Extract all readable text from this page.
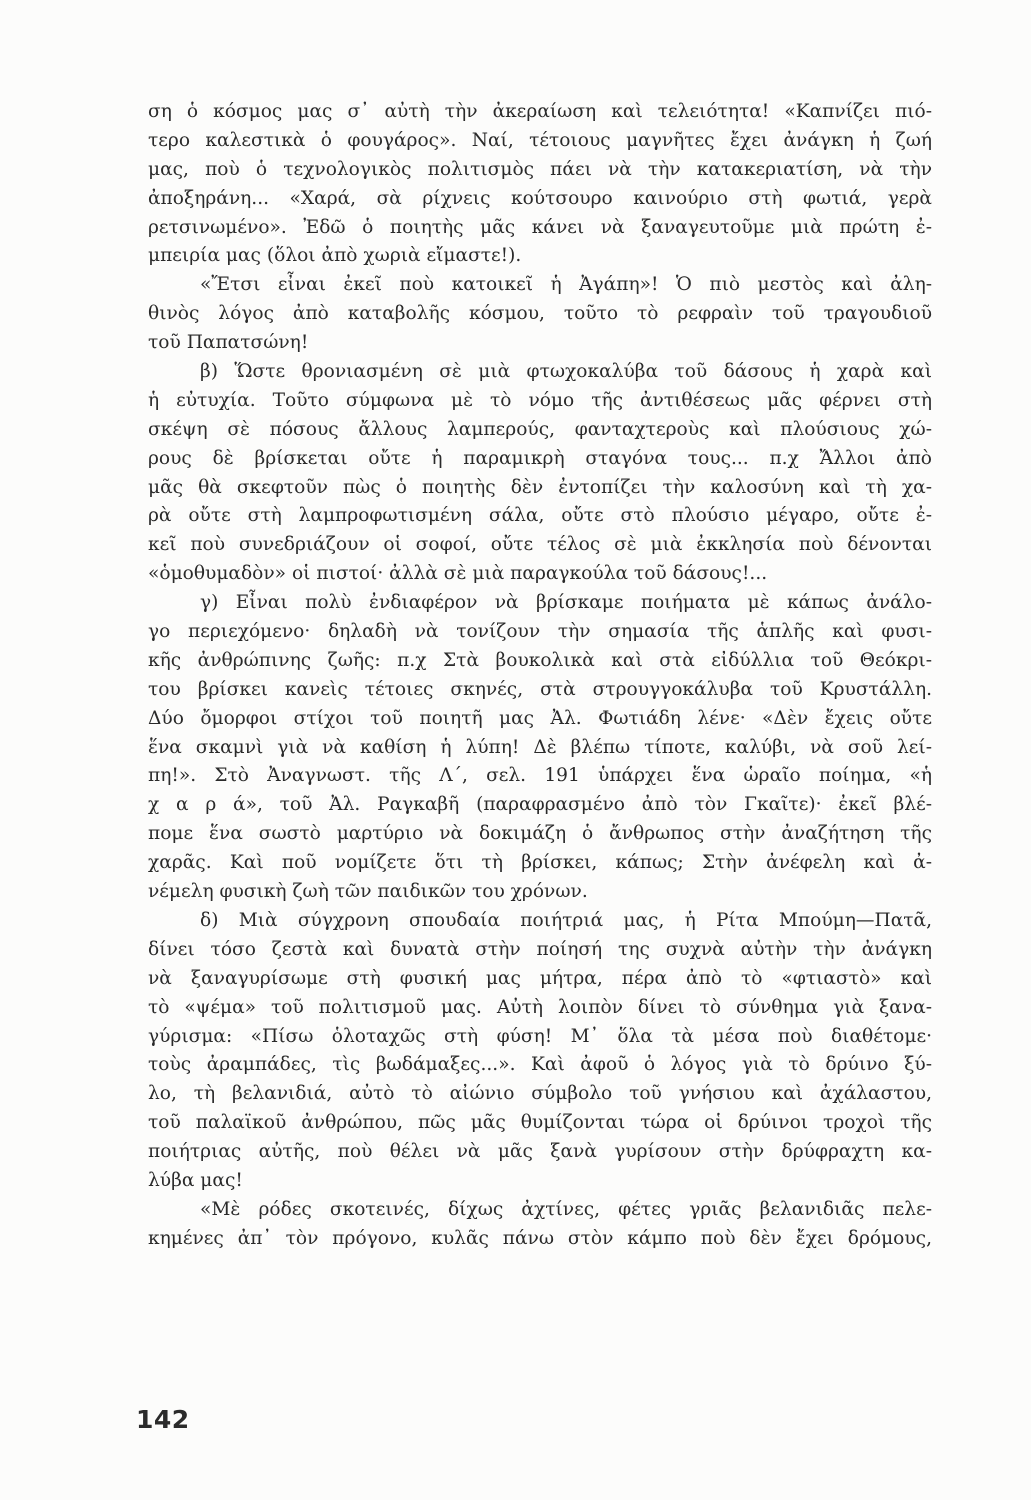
ση ὁ κόσμος μας σ᾽ αὐτὴ τὴν ἀκεραίωση καὶ τελειότητα! «Καπνίζει πιό-
τερο καλεστικὰ ὁ φουγάρος». Ναί, τέτοιους μαγνῆτες ἔχει ἀνάγκη ἡ ζωή
μας, ποὺ ὁ τεχνολογικὸς πολιτισμὸς πάει νὰ τὴν κατακεριατίση, νὰ τὴν
ἀποξηράνη... «Χαρά, σὰ ρίχνεις κούτσουρο καινούριο στὴ φωτιά, γερὰ
ρετσινωμένο». Ἐδῶ ὁ ποιητὴς μᾶς κάνει νὰ ξαναγευτοῦμε μιὰ πρώτη ἐ-
μπειρία μας (ὅλοι ἀπὸ χωριὰ εἴμαστε!).
«Ἔτσι εἶναι ἐκεῖ ποὺ κατοικεῖ ἡ Ἀγάπη»! Ὁ πιὸ μεστὸς καὶ ἀλη-
θινὸς λόγος ἀπὸ καταβολῆς κόσμου, τοῦτο τὸ ρεφραὶν τοῦ τραγουδιοῦ
τοῦ Παπατσώνη!
β) Ὥστε θρονιασμένη σὲ μιὰ φτωχοκαλύβα τοῦ δάσους ἡ χαρὰ καὶ
ἡ εὐτυχία. Τοῦτο σύμφωνα μὲ τὸ νόμο τῆς ἀντιθέσεως μᾶς φέρνει στὴ
σκέψη σὲ πόσους ἄλλους λαμπερούς, φανταχτεροὺς καὶ πλούσιους χώ-
ρους δὲ βρίσκεται οὔτε ἡ παραμικρὴ σταγόνα τους... π.χ Ἄλλοι ἀπὸ
μᾶς θὰ σκεφτοῦν πὼς ὁ ποιητὴς δὲν ἐντοπίζει τὴν καλοσύνη καὶ τὴ χα-
ρὰ οὔτε στὴ λαμπροφωτισμένη σάλα, οὔτε στὸ πλούσιο μέγαρο, οὔτε ἐ-
κεῖ ποὺ συνεδριάζουν οἱ σοφοί, οὔτε τέλος σὲ μιὰ ἐκκλησία ποὺ δένονται
«ὁμοθυμαδὸν» οἱ πιστοί· ἀλλὰ σὲ μιὰ παραγκούλα τοῦ δάσους!...
γ) Εἶναι πολὺ ἐνδιαφέρον νὰ βρίσκαμε ποιήματα μὲ κάπως ἀνάλο-
γο περιεχόμενο· δηλαδὴ νὰ τονίζουν τὴν σημασία τῆς ἁπλῆς καὶ φυσι-
κῆς ἀνθρώπινης ζωῆς: π.χ Στὰ βουκολικὰ καὶ στὰ εἰδύλλια τοῦ Θεόκρι-
του βρίσκει κανεὶς τέτοιες σκηνές, στὰ στρουγγοκάλυβα τοῦ Κρυστάλλη.
Δύο ὄμορφοι στίχοι τοῦ ποιητῆ μας Ἀλ. Φωτιάδη λένε· «Δὲν ἔχεις οὔτε
ἕνα σκαμνὶ γιὰ νὰ καθίση ἡ λύπη! Δὲ βλέπω τίποτε, καλύβι, νὰ σοῦ λεί-
πη!». Στὸ Ἀναγνωστ. τῆς Λ΄, σελ. 191 ὑπάρχει ἕνα ὡραῖο ποίημα, «ἡ
χ α ρ ά», τοῦ Ἀλ. Ραγκαβῆ (παραφρασμένο ἀπὸ τὸν Γκαῖτε)· ἐκεῖ βλέ-
πομε ἕνα σωστὸ μαρτύριο νὰ δοκιμάζη ὁ ἄνθρωπος στὴν ἀναζήτηση τῆς
χαρᾶς. Καὶ ποῦ νομίζετε ὅτι τὴ βρίσκει, κάπως; Στὴν ἀνέφελη καὶ ἀ-
νέμελη φυσικὴ ζωὴ τῶν παιδικῶν του χρόνων.
δ) Μιὰ σύγχρονη σπουδαία ποιήτριά μας, ἡ Ρίτα Μπούμη—Πατᾶ,
δίνει τόσο ζεστὰ καὶ δυνατὰ στὴν ποίησή της συχνὰ αὐτὴν τὴν ἀνάγκη
νὰ ξαναγυρίσωμε στὴ φυσική μας μήτρα, πέρα ἀπὸ τὸ «φτιαστὸ» καὶ
τὸ «ψέμα» τοῦ πολιτισμοῦ μας. Αὐτὴ λοιπὸν δίνει τὸ σύνθημα γιὰ ξανα-
γύρισμα: «Πίσω ὁλοταχῶς στὴ φύση! Μ᾽ ὅλα τὰ μέσα ποὺ διαθέτομε·
τοὺς ἀραμπάδες, τὶς βωδάμαξες...». Καὶ ἀφοῦ ὁ λόγος γιὰ τὸ δρύινο ξύ-
λο, τὴ βελανιδιά, αὐτὸ τὸ αἰώνιο σύμβολο τοῦ γνήσιου καὶ ἀχάλαστου,
τοῦ παλαϊκοῦ ἀνθρώπου, πῶς μᾶς θυμίζονται τώρα οἱ δρύινοι τροχοὶ τῆς
ποιήτριας αὐτῆς, ποὺ θέλει νὰ μᾶς ξανὰ γυρίσουν στὴν δρύφραχτη κα-
λύβα μας!
«Μὲ ρόδες σκοτεινές, δίχως ἀχτίνες, φέτες γριᾶς βελανιδιᾶς πελε-
κημένες ἀπ᾽ τὸν πρόγονο, κυλᾶς πάνω στὸν κάμπο ποὺ δὲν ἔχει δρόμους,
142
